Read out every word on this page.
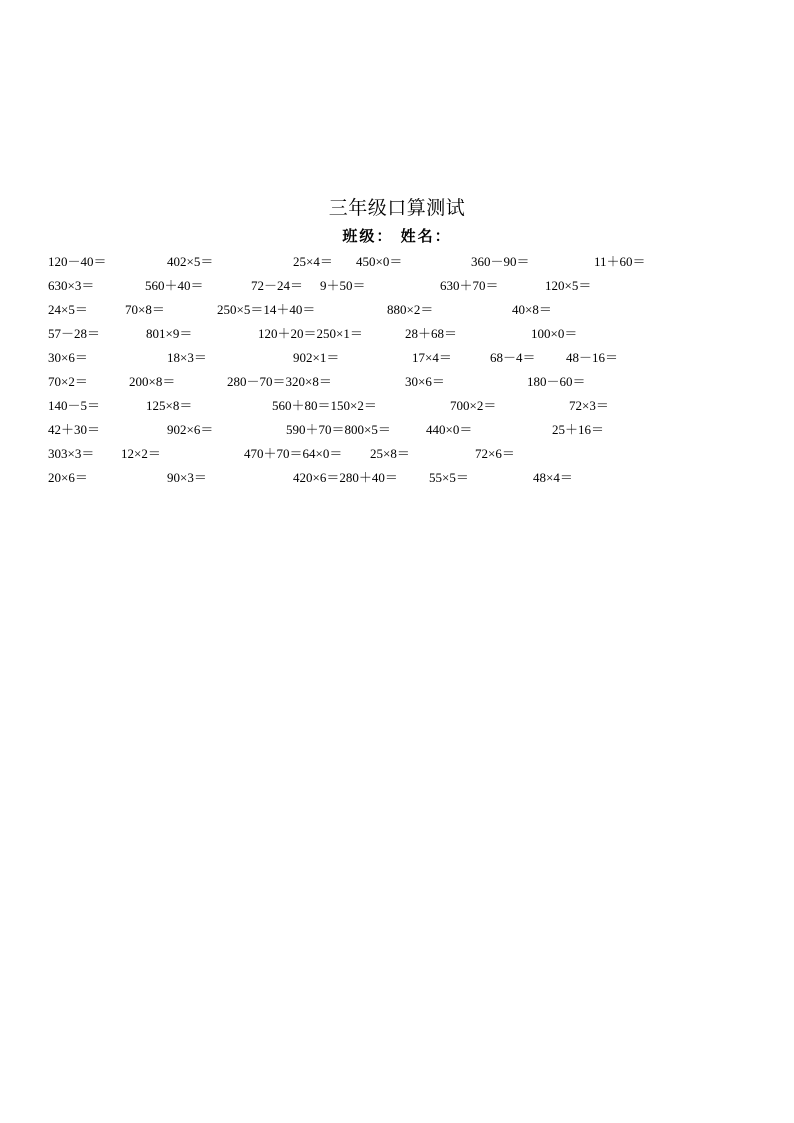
三年级口算测试
班级： 姓名：
120－40＝	402×5＝	25×4＝ 450×0＝	360－90＝	11＋60＝
630×3＝	560＋40＝	72－24＝ 9＋50＝	630＋70＝	120×5＝
24×5＝	70×8＝	250×5＝14＋40＝	880×2＝	40×8＝
57－28＝	801×9＝	120＋20＝250×1＝	28＋68＝	100×0＝
30×6＝	18×3＝	902×1＝	17×4＝	68－4＝ 48－16＝
70×2＝	200×8＝	280－70＝320×8＝	30×6＝	180－60＝
140－5＝	125×8＝	560＋80＝150×2＝	700×2＝	72×3＝
42＋30＝	902×6＝	590＋70＝800×5＝	440×0＝	25＋16＝
303×3＝ 12×2＝	470＋70＝64×0＝ 25×8＝	72×6＝
20×6＝	90×3＝	420×6＝280＋40＝ 55×5＝	48×4＝
